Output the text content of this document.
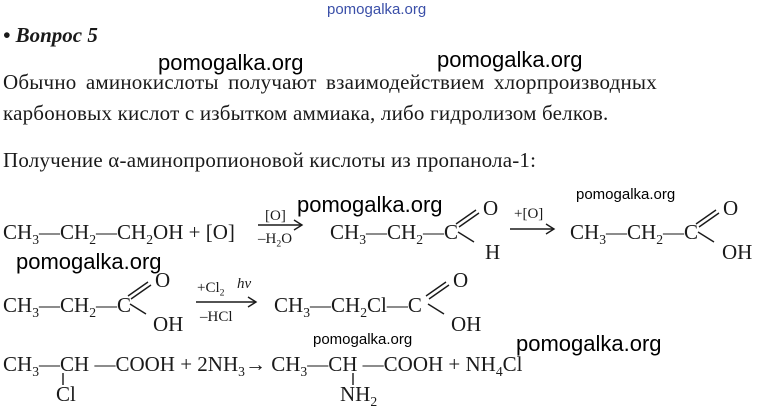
pomogalka.org
pomogalka.org	pomogalka.org
pomogalka.org	pomogalka.org
pomogalka.org
pomogalka.org	pomogalka.org
• Вопрос 5
Обычно аминокислоты получают взаимодействием хлорпроизводных
карбоновых кислот с избытком аммиака, либо гидролизом белков.
Получение α-аминопропионовой кислоты из пропанола-1:
$CH_3—CH_2—CH_2OH + [O]$
[O]
$-H_2O$ $CH_3—CH_2—C$
O
H
+[O]
→ $CH_3—CH_2—C$
O
OH
$CH_3—CH_2—C$
O
OH
$+Cl_2$
hν
–HCl $CH_3—CH_2Cl—C$
O
OH
$CH_3—CH$ —COOH + $2NH_3\to$ $CH_3—CH$ —COOH + $NH_4Cl$
Cl	$NH_2$
